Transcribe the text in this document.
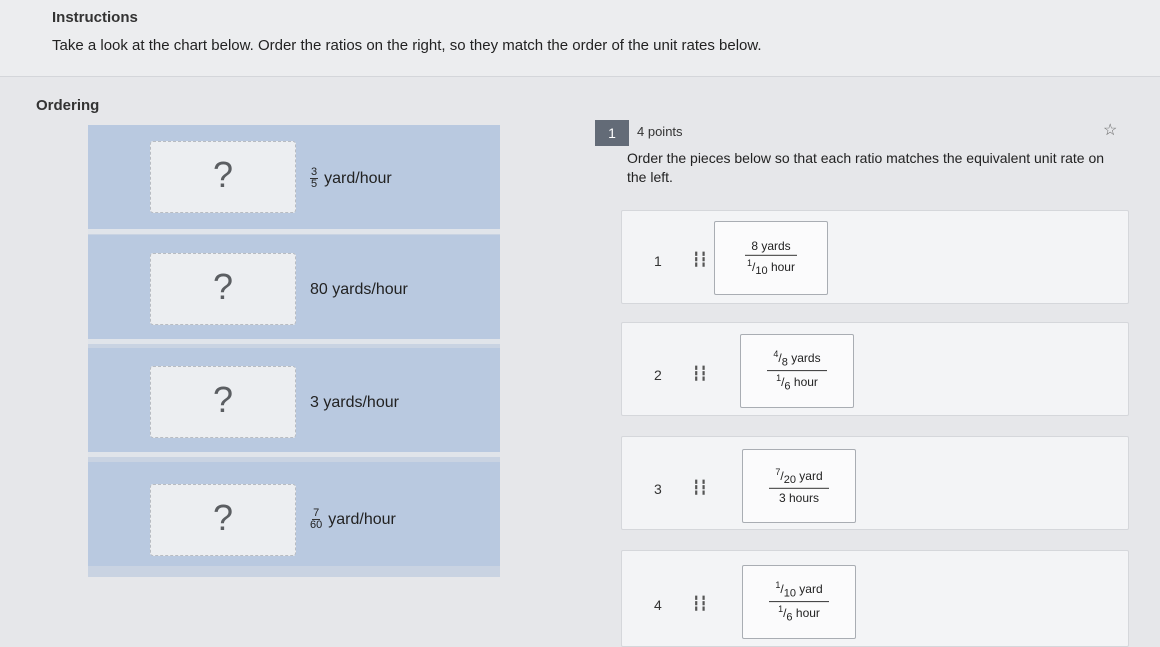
Instructions
Take a look at the chart below. Order the ratios on the right, so they match the order of the unit rates below.
Ordering
?	$\frac{3}{5}$ yard/hour
?	80 yards/hour
?	3 yards/hour
?	$\frac{7}{60}$ yard/hour
1	4 points	☆
Order the pieces below so that each ratio matches the equivalent unit rate on the left.
1 ┇┇
8 yards
$^1/_{10}$ hour
2 ┇┇
$^4/_8$ yards
$^1/_6$ hour
3 ┇┇
$^7/_{20}$ yard
3 hours
4 ┇┇
$^1/_{10}$ yard
$^1/_6$ hour
